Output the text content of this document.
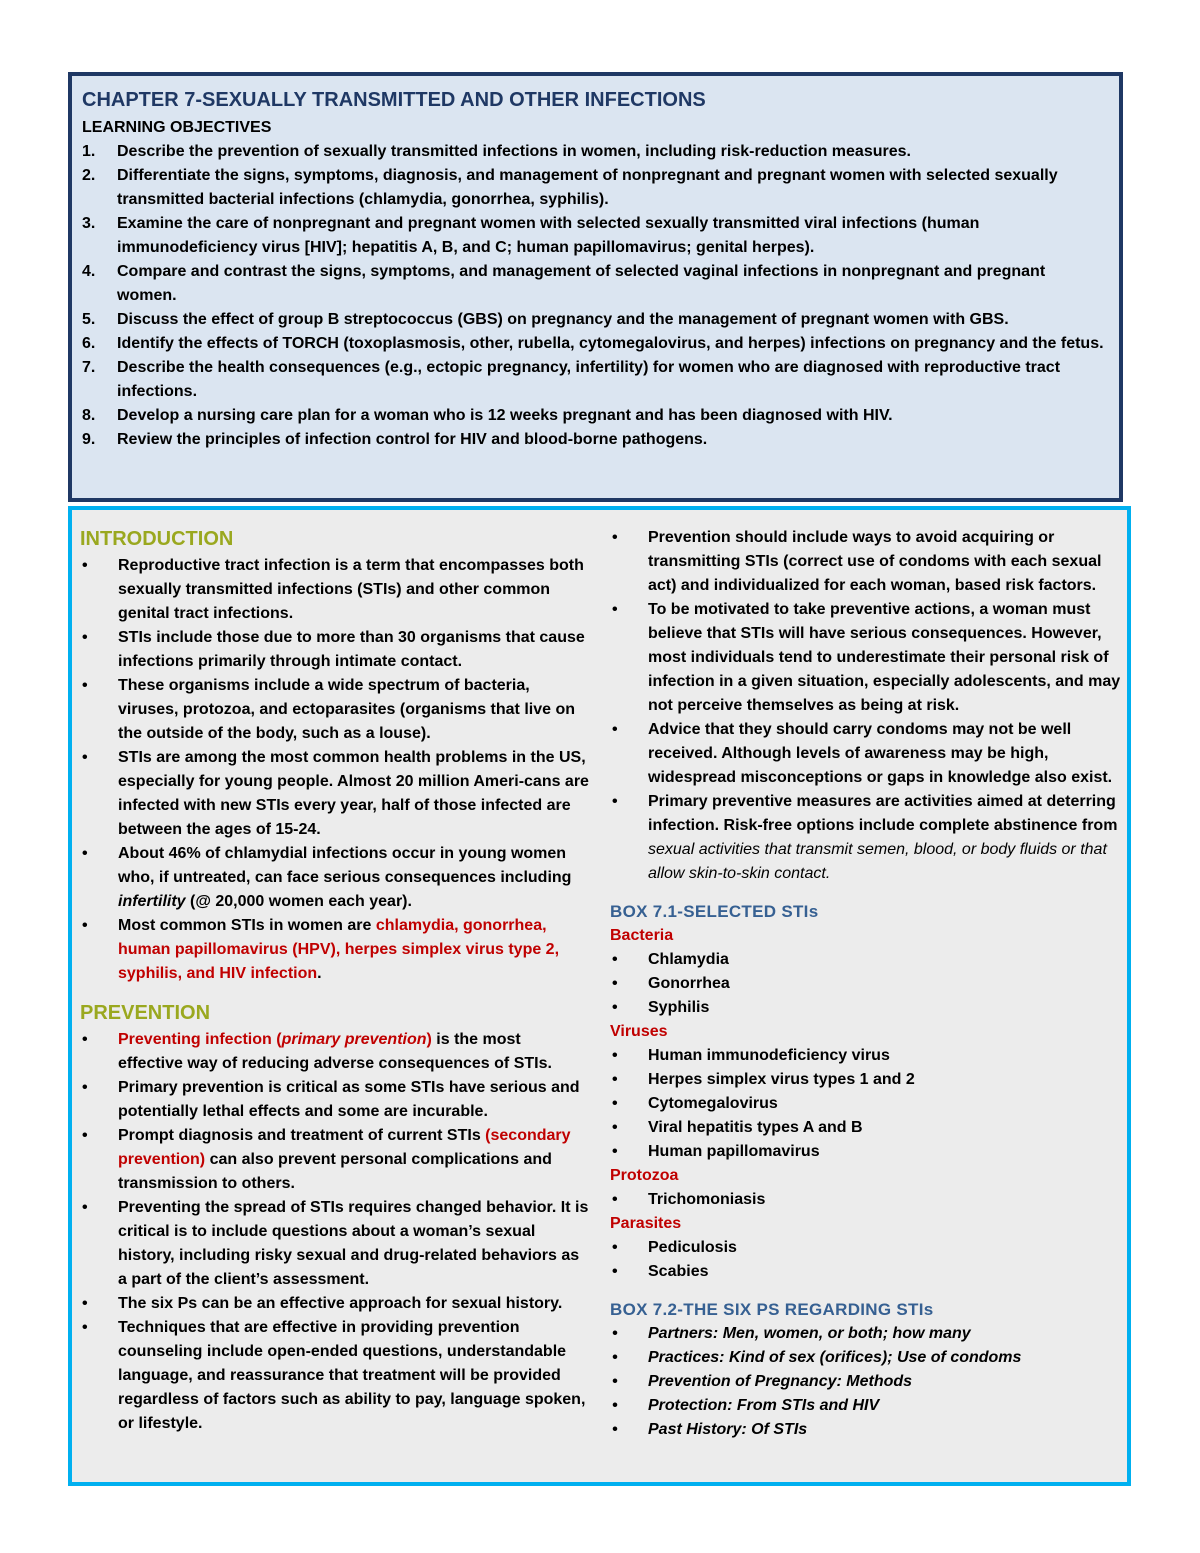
CHAPTER 7-SEXUALLY TRANSMITTED AND OTHER INFECTIONS
LEARNING OBJECTIVES
1. Describe the prevention of sexually transmitted infections in women, including risk-reduction measures.
2. Differentiate the signs, symptoms, diagnosis, and management of nonpregnant and pregnant women with selected sexually transmitted bacterial infections (chlamydia, gonorrhea, syphilis).
3. Examine the care of nonpregnant and pregnant women with selected sexually transmitted viral infections (human immunodeficiency virus [HIV]; hepatitis A, B, and C; human papillomavirus; genital herpes).
4. Compare and contrast the signs, symptoms, and management of selected vaginal infections in nonpregnant and pregnant women.
5. Discuss the effect of group B streptococcus (GBS) on pregnancy and the management of pregnant women with GBS.
6. Identify the effects of TORCH (toxoplasmosis, other, rubella, cytomegalovirus, and herpes) infections on pregnancy and the fetus.
7. Describe the health consequences (e.g., ectopic pregnancy, infertility) for women who are diagnosed with reproductive tract infections.
8. Develop a nursing care plan for a woman who is 12 weeks pregnant and has been diagnosed with HIV.
9. Review the principles of infection control for HIV and blood-borne pathogens.
INTRODUCTION
• Reproductive tract infection is a term that encompasses both sexually transmitted infections (STIs) and other common genital tract infections.
• STIs include those due to more than 30 organisms that cause infections primarily through intimate contact.
• These organisms include a wide spectrum of bacteria, viruses, protozoa, and ectoparasites (organisms that live on the outside of the body, such as a louse).
• STIs are among the most common health problems in the US, especially for young people. Almost 20 million Ameri-cans are infected with new STIs every year, half of those infected are between the ages of 15-24.
• About 46% of chlamydial infections occur in young women who, if untreated, can face serious consequences including infertility (@ 20,000 women each year).
• Most common STIs in women are chlamydia, gonorrhea, human papillomavirus (HPV), herpes simplex virus type 2, syphilis, and HIV infection.
PREVENTION
• Preventing infection (primary prevention) is the most effective way of reducing adverse consequences of STIs.
• Primary prevention is critical as some STIs have serious and potentially lethal effects and some are incurable.
• Prompt diagnosis and treatment of current STIs (secondary prevention) can also prevent personal complications and transmission to others.
• Preventing the spread of STIs requires changed behavior. It is critical is to include questions about a woman’s sexual history, including risky sexual and drug-related behaviors as a part of the client’s assessment.
• The six Ps can be an effective approach for sexual history.
• Techniques that are effective in providing prevention counseling include open-ended questions, understandable language, and reassurance that treatment will be provided regardless of factors such as ability to pay, language spoken, or lifestyle.
• Prevention should include ways to avoid acquiring or transmitting STIs (correct use of condoms with each sexual act) and individualized for each woman, based risk factors.
• To be motivated to take preventive actions, a woman must believe that STIs will have serious consequences. However, most individuals tend to underestimate their personal risk of infection in a given situation, especially adolescents, and may not perceive themselves as being at risk.
• Advice that they should carry condoms may not be well received. Although levels of awareness may be high, widespread misconceptions or gaps in knowledge also exist.
• Primary preventive measures are activities aimed at deterring infection. Risk-free options include complete abstinence from sexual activities that transmit semen, blood, or body fluids or that allow skin-to-skin contact.
BOX 7.1-SELECTED STIs
Bacteria
• Chlamydia
• Gonorrhea
• Syphilis
Viruses
• Human immunodeficiency virus
• Herpes simplex virus types 1 and 2
• Cytomegalovirus
• Viral hepatitis types A and B
• Human papillomavirus
Protozoa
• Trichomoniasis
Parasites
• Pediculosis
• Scabies
BOX 7.2-THE SIX PS REGARDING STIs
• Partners: Men, women, or both; how many
• Practices: Kind of sex (orifices); Use of condoms
• Prevention of Pregnancy: Methods
• Protection: From STIs and HIV
• Past History: Of STIs
